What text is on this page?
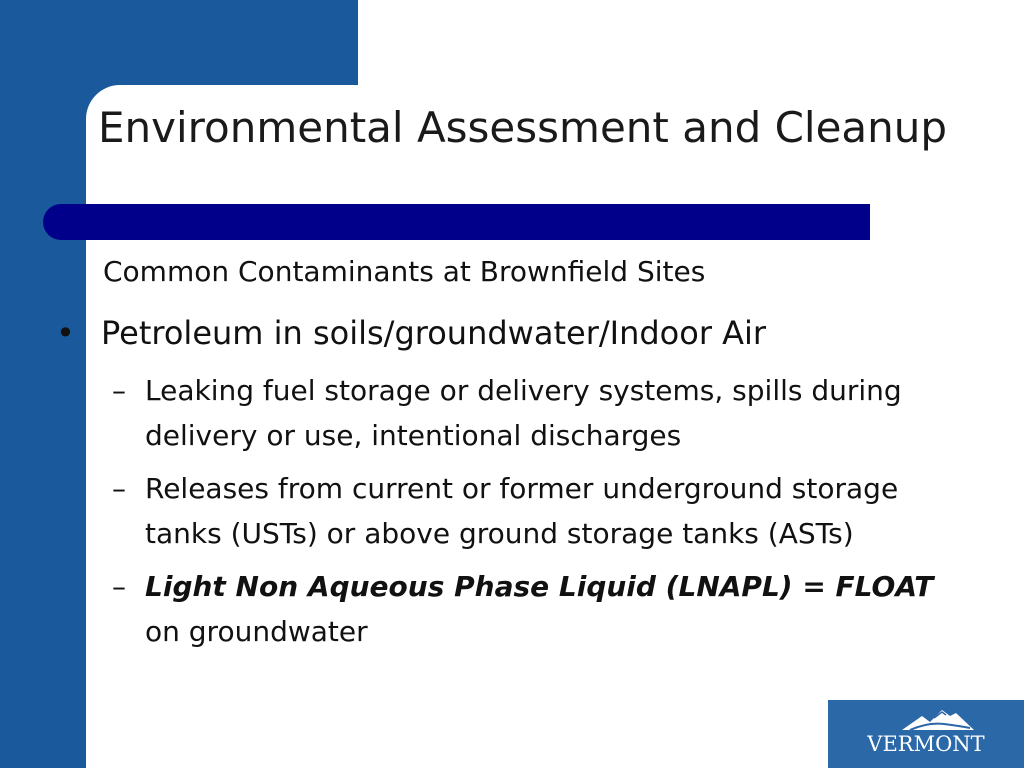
Environmental Assessment and Cleanup
Common Contaminants at Brownfield Sites
• Petroleum in soils/groundwater/Indoor Air
– Leaking fuel storage or delivery systems, spills during delivery or use, intentional discharges
– Releases from current or former underground storage tanks (USTs) or above ground storage tanks (ASTs)
– Light Non Aqueous Phase Liquid (LNAPL) = FLOAT on groundwater
VERMONT
